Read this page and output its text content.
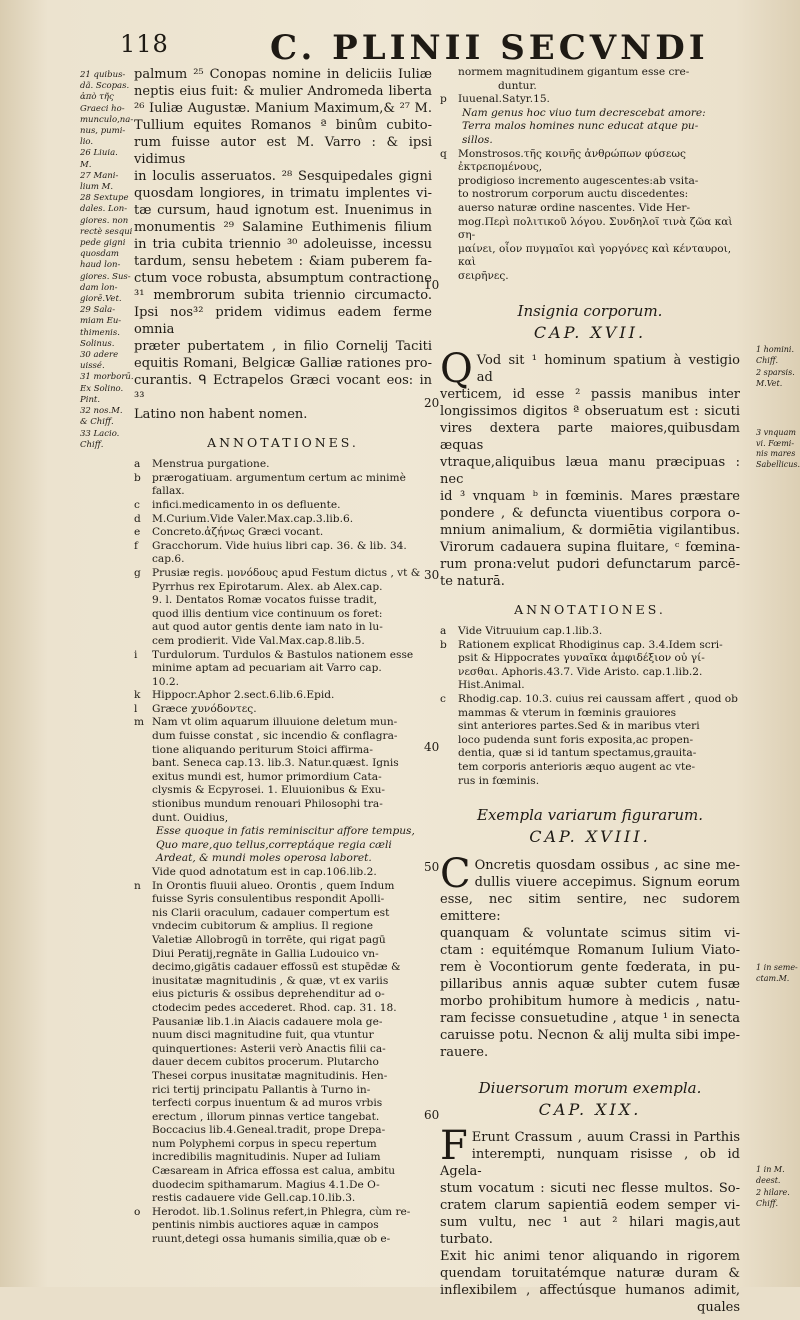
118	C. PLINII SECVNDI
21 quibus-
dã. Scopas.
ἀπὸ τῆς
Graeci ho-
munculo,na-
nus, pumi-
lio.
26 Liuia.
M.
27 Mani-
lium M.
28 Sextupe
dales. Lon-
giores. non
rectè sesqui
pede gigni
quosdam
haud lon-
giores. Sus-
dam lon-
giorē.Vet.
29 Sala-
miam Eu-
thimenis.
Solinus.
30 adere
uissé.
31 morborū.
Ex Solino.
Pint.
32 nos.M.
& Chiff.
33 Lacio.
Chiff.
1 homini. Chiff.
2 sparsis. M.Vet.
3 vnquam vi. Fœmi- nis mares Sabellicus.
1 in seme- ctam.M.
1 in M. deest.
2 hilare. Chiff.
10
20
30
40
50
60
palmum ²⁵ Conopas nomine in deliciis Iuliæ
neptis eius fuit: & mulier Andromeda liberta
²⁶ Iuliæ Augustæ. Manium Maximum,& ²⁷ M.
Tullium equites Romanos ª binûm cubito-
rum fuisse autor est M. Varro : & ipsi vidimus
in loculis asseruatos. ²⁸ Sesquipedales gigni
quosdam longiores, in trimatu implentes vi-
tæ cursum, haud ignotum est. Inuenimus in
monumentis ²⁹ Salamine Euthimenis filium
in tria cubita triennio ³⁰ adoleuisse, incessu
tardum, sensu hebetem : &iam puberem fa-
ctum voce robusta, absumptum contractione
³¹ membrorum subita triennio circumacto.
Ipsi nos³² pridem vidimus eadem ferme omnia
præter pubertatem , in filio Cornelij Taciti
equitis Romani, Belgicæ Galliæ rationes pro-
curantis. ᑫ Ectrapelos Græci vocant eos: in ³³
Latino non habent nomen.
ANNOTATIONES.
a Menstrua purgatione.
b prærogatiuam. argumentum certum ac minimè
fallax.
c infici.medicamento in os defluente.
d M.Curium.Vide Valer.Max.cap.3.lib.6.
e Concreto.ἀζήνως Græci vocant.
f Gracchorum. Vide huius libri cap. 36. & lib. 34.
cap.6.
g Prusiæ regis. μονόδους apud Festum dictus , vt &
Pyrrhus rex Epirotarum. Alex. ab Alex.cap.
9. l. Dentatos Romæ vocatos fuisse tradit,
quod illis dentium vice continuum os foret:
aut quod autor gentis dente iam nato in lu-
cem prodierit. Vide Val.Max.cap.8.lib.5.
i Turdulorum. Turdulos & Bastulos nationem esse
minime aptam ad pecuariam ait Varro cap.
10.2.
k Hippocr.Aphor 2.sect.6.lib.6.Epid.
l Græce χυνόδοντες.
m Nam vt olim aquarum illuuione deletum mun-
dum fuisse constat , sic incendio & conflagra-
tione aliquando periturum Stoici affirma-
bant. Seneca cap.13. lib.3. Natur.quæst. Ignis
exitus mundi est, humor primordium Cata-
clysmis & Ecpyrosei. 1. Eluuionibus & Exu-
stionibus mundum renouari Philosophi tra-
dunt. Ouidius,
Esse quoque in fatis reminiscitur affore tempus,
Quo mare,quo tellus,correptáque regia cæli
Ardeat, & mundi moles operosa laboret.
Vide quod adnotatum est in cap.106.lib.2.
n In Orontis fluuii alueo. Orontis , quem Indum
fuisse Syris consulentibus respondit Apolli-
nis Clarii oraculum, cadauer compertum est
vndecim cubitorum & amplius. Il regione
Valetiæ Allobrogū in torrēte, qui rigat pagū
Diui Peratij,regnāte in Gallia Ludouico vn-
decimo,gigātis cadauer effossū est stupēdæ &
inusitatæ magnitudinis , & quæ, vt ex variis
eius picturis & ossibus deprehenditur ad o-
ctodecim pedes accederet. Rhod. cap. 31. 18.
Pausaniæ lib.1.in Aiacis cadauere mola ge-
nuum disci magnitudine fuit, qua vtuntur
quinquertiones: Asterii verò Anactis filii ca-
dauer decem cubitos procerum. Plutarcho
Thesei corpus inusitatæ magnitudinis. Hen-
rici tertij principatu Pallantis à Turno in-
terfecti corpus inuentum & ad muros vrbis
erectum , illorum pinnas vertice tangebat.
Boccacius lib.4.Geneal.tradit, prope Drepa-
num Polyphemi corpus in specu repertum
incredibilis magnitudinis. Nuper ad Iuliam
Cæsaream in Africa effossa est calua, ambitu
duodecim spithamarum. Magius 4.1.De O-
restis cadauere vide Gell.cap.10.lib.3.
o Herodot. lib.1.Solinus refert,in Phlegra, cùm re-
pentinis nimbis auctiores aquæ in campos
ruunt,detegi ossa humanis similia,quæ ob e-
normem magnitudinem gigantum esse cre-
duntur.
p Iuuenal.Satyr.15.
Nam genus hoc viuo tum decrescebat amore:
Terra malos homines nunc educat atque pu-
sillos.
q Monstrosos.τῆς κοινῆς ἀνθρώπων φύσεως ἐκτρεπομένους,
prodigioso incremento augescentes:ab vsita-
to nostrorum corporum auctu discedentes:
auerso naturæ ordine nascentes. Vide Her-
mog.Περὶ πολιτικοῦ λόγου. Συνδηλοῖ τινὰ ζῶα καὶ ση-
μαίνει, οἷον πυγμαῖοι καὶ γοργόνες καὶ κένταυροι, καὶ
σειρῆνες.
Insignia corporum.
CAP. XVII.
Q Vod sit ¹ hominum spatium à vestigio ad
verticem, id esse ² passis manibus inter
longissimos digitos ª obseruatum est : sicuti
vires dextera parte maiores,quibusdam æquas
vtraque,aliquibus læua manu præcipuas : nec
id ³ vnquam ᵇ in fœminis. Mares præstare
pondere , & defuncta viuentibus corpora o-
mnium animalium, & dormiētia vigilantibus.
Virorum cadauera supina fluitare, ᶜ fœmina-
rum prona:velut pudori defunctarum parcē-
te naturā.
ANNOTATIONES.
a Vide Vitruuium cap.1.lib.3.
b Rationem explicat Rhodiginus cap. 3.4.Idem scri-
psit & Hippocrates γυναῖκα ἀμφιδέξιον οὐ γί-
νεσθαι. Aphoris.43.7. Vide Aristo. cap.1.lib.2.
Hist.Animal.
c Rhodig.cap. 10.3. cuius rei caussam affert , quod ob
mammas & vterum in fœminis grauiores
sint anteriores partes.Sed & in maribus vteri
loco pudenda sunt foris exposita,ac propen-
dentia, quæ si id tantum spectamus,grauita-
tem corporis anterioris æquo augent ac vte-
rus in fœminis.
Exempla variarum figurarum.
CAP. XVIII.
C Oncretis quosdam ossibus , ac sine me-
dullis viuere accepimus. Signum eorum
esse, nec sitim sentire, nec sudorem emittere:
quanquam & voluntate scimus sitim vi-
ctam : equitémque Romanum Iulium Viato-
rem è Vocontiorum gente fœderata, in pu-
pillaribus annis aquæ subter cutem fusæ
morbo prohibitum humore à medicis , natu-
ram fecisse consuetudine , atque ¹ in senecta
caruisse potu. Necnon & alij multa sibi impe-
rauere.
Diuersorum morum exempla.
CAP. XIX.
F Erunt Crassum , auum Crassi in Parthis
interempti, nunquam risisse , ob id Agela-
stum vocatum : sicuti nec flesse multos. So-
cratem clarum sapientiā eodem semper vi-
sum vultu, nec ¹ aut ² hilari magis,aut turbato.
Exit hic animi tenor aliquando in rigorem
quendam toruitatémque naturæ duram &
inflexibilem , affectúsque humanos adimit,
quales
